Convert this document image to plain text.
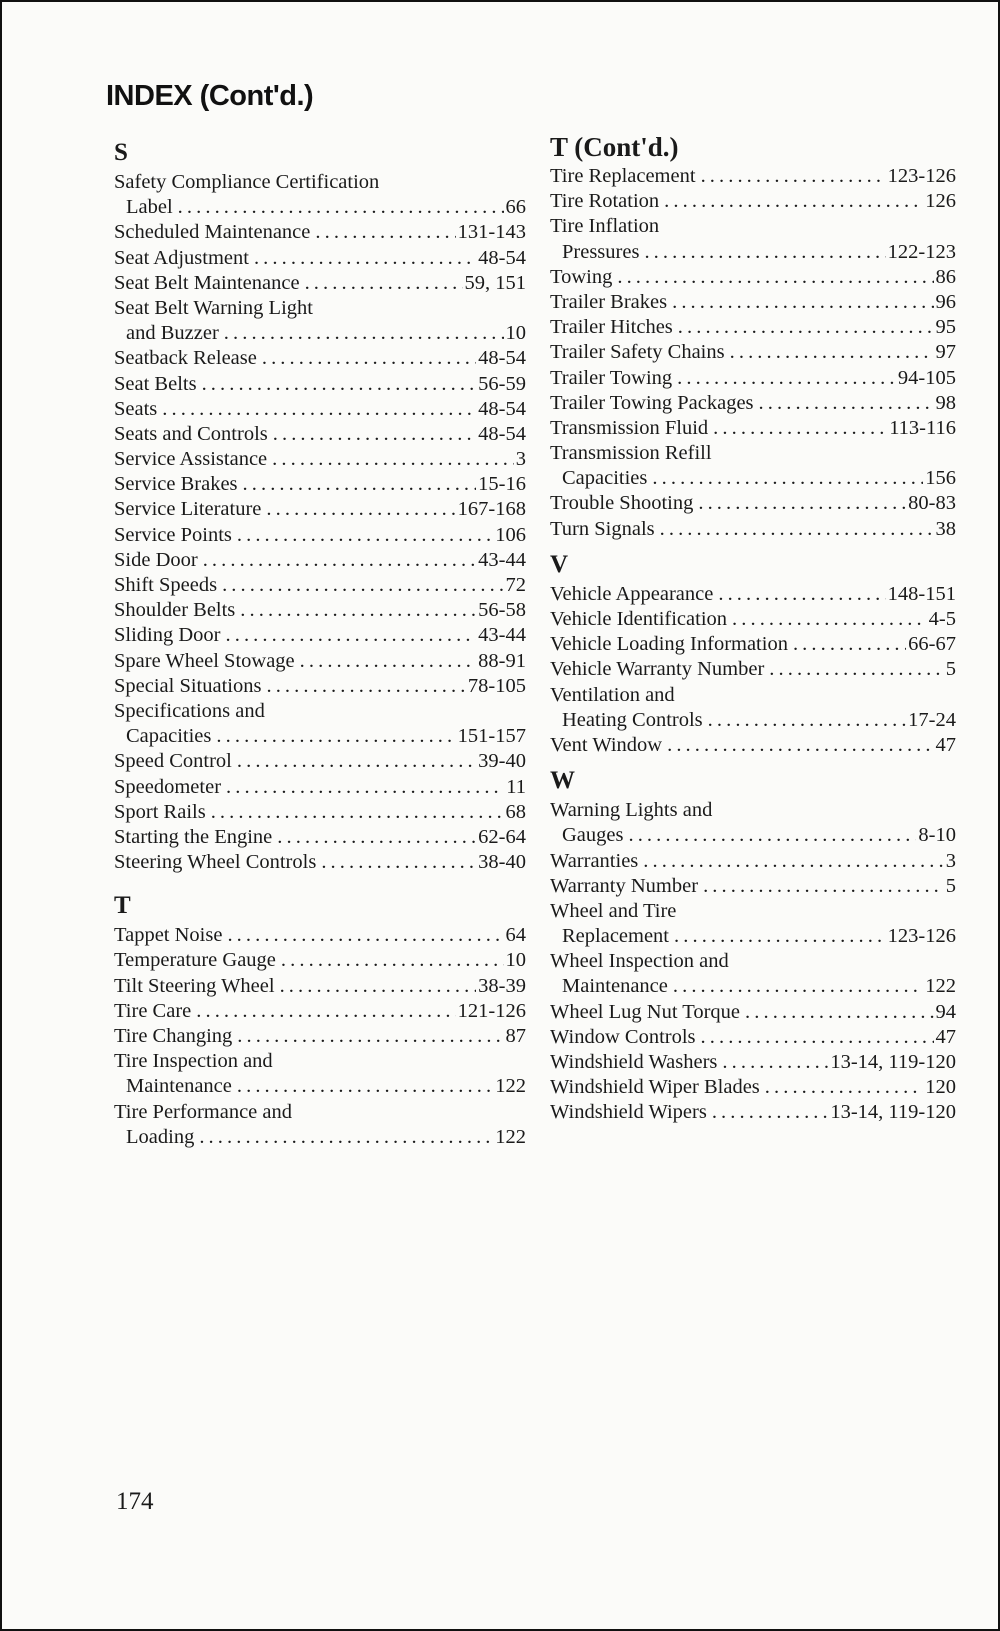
INDEX (Cont'd.)
S
Safety Compliance Certification
Label .....	66
Scheduled Maintenance .....	131-143
Seat Adjustment .....	48-54
Seat Belt Maintenance .....	59, 151
Seat Belt Warning Light
and Buzzer .....	10
Seatback Release .....	48-54
Seat Belts .....	56-59
Seats .....	48-54
Seats and Controls .....	48-54
Service Assistance .....	3
Service Brakes .....	15-16
Service Literature .....	167-168
Service Points .....	106
Side Door .....	43-44
Shift Speeds .....	72
Shoulder Belts .....	56-58
Sliding Door .....	43-44
Spare Wheel Stowage .....	88-91
Special Situations .....	78-105
Specifications and
Capacities .....	151-157
Speed Control .....	39-40
Speedometer .....	11
Sport Rails .....	68
Starting the Engine .....	62-64
Steering Wheel Controls .....	38-40
T
Tappet Noise .....	64
Temperature Gauge .....	10
Tilt Steering Wheel .....	38-39
Tire Care .....	121-126
Tire Changing .....	87
Tire Inspection and
Maintenance .....	122
Tire Performance and
Loading .....	122
T (Cont'd.)
Tire Replacement .....	123-126
Tire Rotation .....	126
Tire Inflation
Pressures .....	122-123
Towing .....	86
Trailer Brakes .....	96
Trailer Hitches .....	95
Trailer Safety Chains .....	97
Trailer Towing .....	94-105
Trailer Towing Packages .....	98
Transmission Fluid .....	113-116
Transmission Refill
Capacities .....	156
Trouble Shooting .....	80-83
Turn Signals .....	38
V
Vehicle Appearance .....	148-151
Vehicle Identification .....	4-5
Vehicle Loading Information .....	66-67
Vehicle Warranty Number .....	5
Ventilation and
Heating Controls .....	17-24
Vent Window .....	47
W
Warning Lights and
Gauges .....	8-10
Warranties .....	3
Warranty Number .....	5
Wheel and Tire
Replacement .....	123-126
Wheel Inspection and
Maintenance .....	122
Wheel Lug Nut Torque .....	94
Window Controls .....	47
Windshield Washers .....	13-14, 119-120
Windshield Wiper Blades .....	120
Windshield Wipers .....	13-14, 119-120
174
